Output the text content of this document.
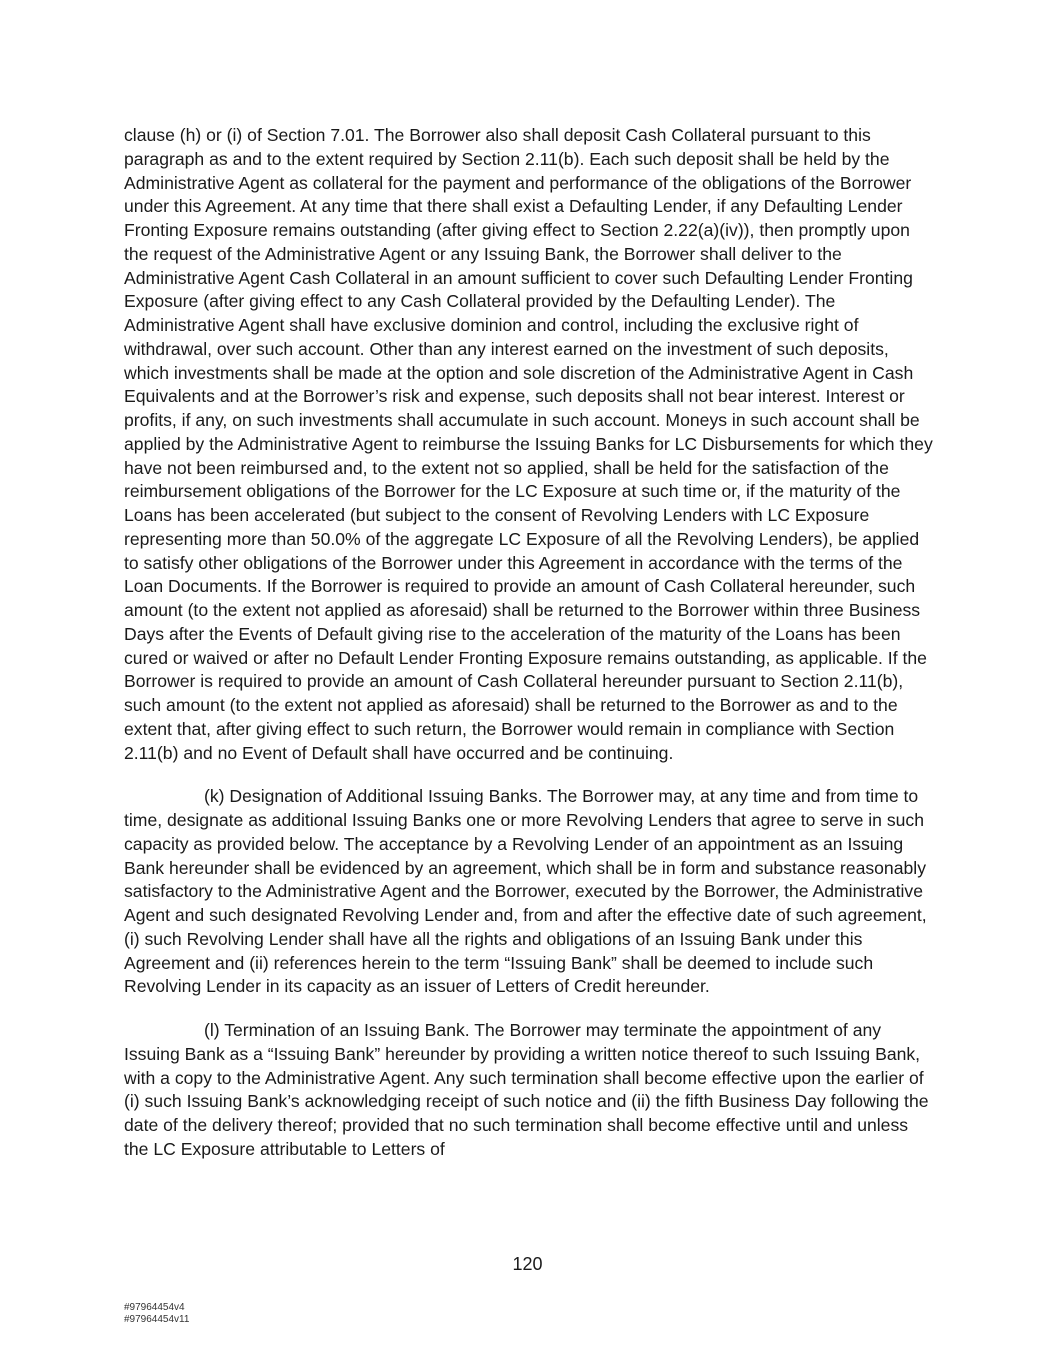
clause (h) or (i) of Section 7.01. The Borrower also shall deposit Cash Collateral pursuant to this paragraph as and to the extent required by Section 2.11(b). Each such deposit shall be held by the Administrative Agent as collateral for the payment and performance of the obligations of the Borrower under this Agreement. At any time that there shall exist a Defaulting Lender, if any Defaulting Lender Fronting Exposure remains outstanding (after giving effect to Section 2.22(a)(iv)), then promptly upon the request of the Administrative Agent or any Issuing Bank, the Borrower shall deliver to the Administrative Agent Cash Collateral in an amount sufficient to cover such Defaulting Lender Fronting Exposure (after giving effect to any Cash Collateral provided by the Defaulting Lender). The Administrative Agent shall have exclusive dominion and control, including the exclusive right of withdrawal, over such account. Other than any interest earned on the investment of such deposits, which investments shall be made at the option and sole discretion of the Administrative Agent in Cash Equivalents and at the Borrower’s risk and expense, such deposits shall not bear interest. Interest or profits, if any, on such investments shall accumulate in such account. Moneys in such account shall be applied by the Administrative Agent to reimburse the Issuing Banks for LC Disbursements for which they have not been reimbursed and, to the extent not so applied, shall be held for the satisfaction of the reimbursement obligations of the Borrower for the LC Exposure at such time or, if the maturity of the Loans has been accelerated (but subject to the consent of Revolving Lenders with LC Exposure representing more than 50.0% of the aggregate LC Exposure of all the Revolving Lenders), be applied to satisfy other obligations of the Borrower under this Agreement in accordance with the terms of the Loan Documents. If the Borrower is required to provide an amount of Cash Collateral hereunder, such amount (to the extent not applied as aforesaid) shall be returned to the Borrower within three Business Days after the Events of Default giving rise to the acceleration of the maturity of the Loans has been cured or waived or after no Default Lender Fronting Exposure remains outstanding, as applicable. If the Borrower is required to provide an amount of Cash Collateral hereunder pursuant to Section 2.11(b), such amount (to the extent not applied as aforesaid) shall be returned to the Borrower as and to the extent that, after giving effect to such return, the Borrower would remain in compliance with Section 2.11(b) and no Event of Default shall have occurred and be continuing.

(k) Designation of Additional Issuing Banks. The Borrower may, at any time and from time to time, designate as additional Issuing Banks one or more Revolving Lenders that agree to serve in such capacity as provided below. The acceptance by a Revolving Lender of an appointment as an Issuing Bank hereunder shall be evidenced by an agreement, which shall be in form and substance reasonably satisfactory to the Administrative Agent and the Borrower, executed by the Borrower, the Administrative Agent and such designated Revolving Lender and, from and after the effective date of such agreement, (i) such Revolving Lender shall have all the rights and obligations of an Issuing Bank under this Agreement and (ii) references herein to the term “Issuing Bank” shall be deemed to include such Revolving Lender in its capacity as an issuer of Letters of Credit hereunder.

(l) Termination of an Issuing Bank. The Borrower may terminate the appointment of any Issuing Bank as a “Issuing Bank” hereunder by providing a written notice thereof to such Issuing Bank, with a copy to the Administrative Agent. Any such termination shall become effective upon the earlier of (i) such Issuing Bank’s acknowledging receipt of such notice and (ii) the fifth Business Day following the date of the delivery thereof; provided that no such termination shall become effective until and unless the LC Exposure attributable to Letters of

120
#97964454v4
#97964454v11
